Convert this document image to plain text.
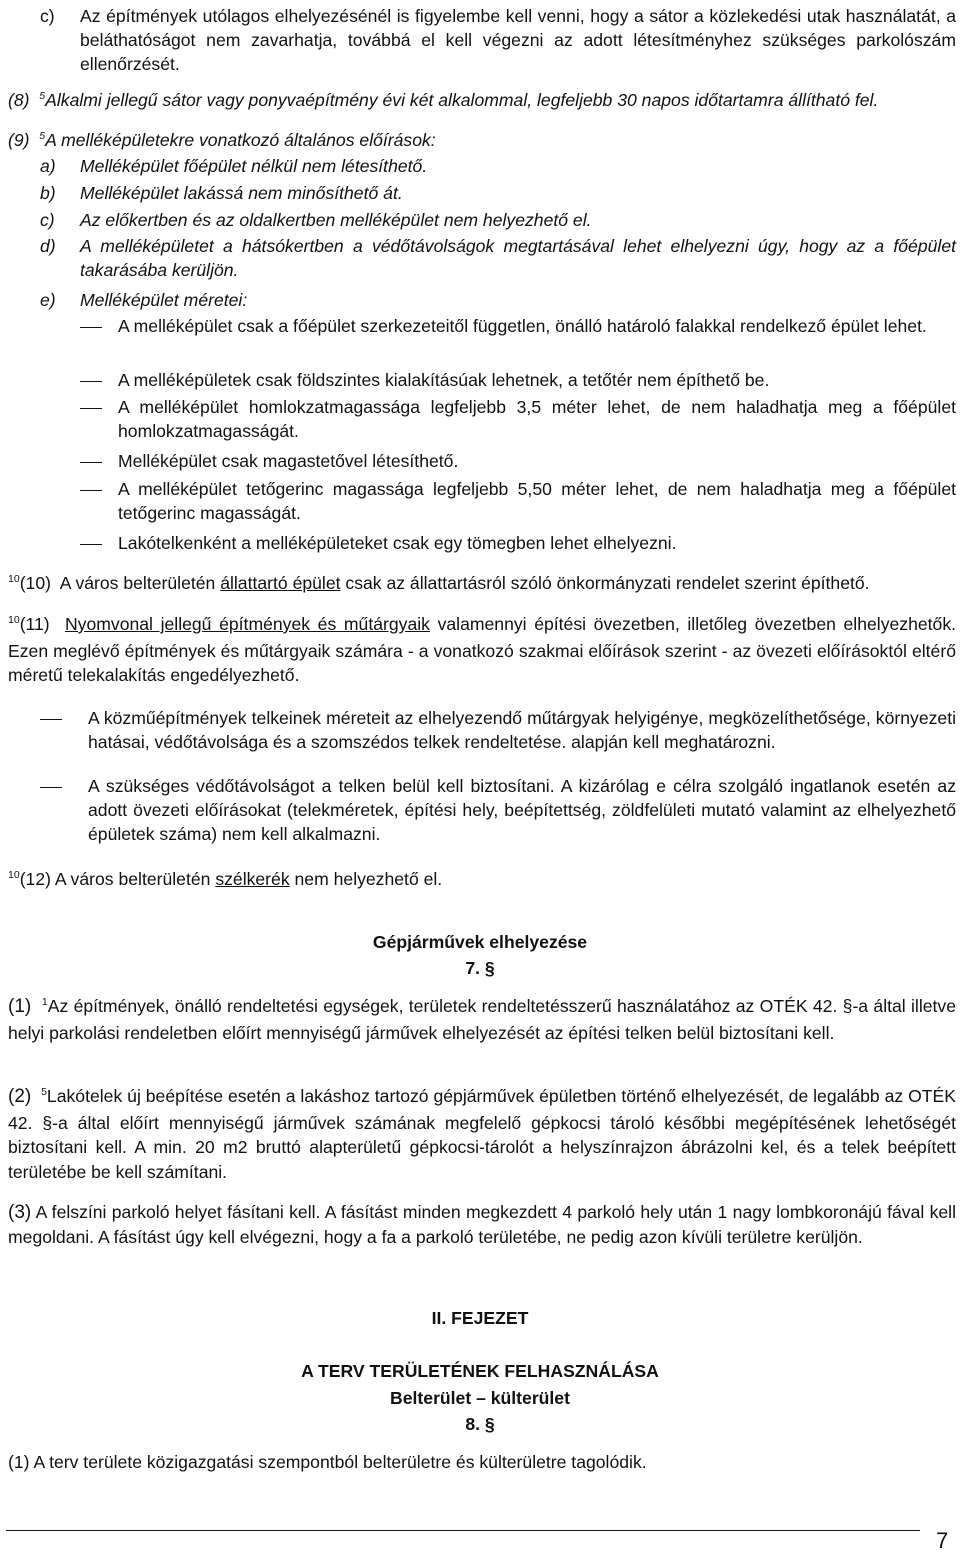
c) Az építmények utólagos elhelyezésénél is figyelembe kell venni, hogy a sátor a közlekedési utak használatát, a beláthatóságot nem zavarhatja, továbbá el kell végezni az adott létesítményhez szükséges parkolószám ellenőrzését.
(8) $^5$Alkalmi jellegű sátor vagy ponyvaépítmény évi két alkalommal, legfeljebb 30 napos időtartamra állítható fel.
(9) $^5$A melléképületekre vonatkozó általános előírások:
a) Melléképület főépület nélkül nem létesíthető.
b) Melléképület lakássá nem minősíthető át.
c) Az előkertben és az oldalkertben melléképület nem helyezhető el.
d) A melléképületet a hátsókertben a védőtávolságok megtartásával lehet elhelyezni úgy, hogy az a főépület takarásába kerüljön.
e) Melléképület méretei:
A melléképület csak a főépület szerkezeteitől független, önálló határoló falakkal rendelkező épület lehet.
A melléképületek csak földszintes kialakításúak lehetnek, a tetőtér nem építhető be.
A melléképület homlokzatmagassága legfeljebb 3,5 méter lehet, de nem haladhatja meg a főépület homlokzatmagasságát.
Melléképület csak magastetővel létesíthető.
A melléképület tetőgerinc magassága legfeljebb 5,50 méter lehet, de nem haladhatja meg a főépület tetőgerinc magasságát.
Lakótelkenként a melléképületeket csak egy tömegben lehet elhelyezni.
$^{10}$(10) A város belterületén állattartó épület csak az állattartásról szóló önkormányzati rendelet szerint építhető.
$^{10}$(11) Nyomvonal jellegű építmények és műtárgyaik valamennyi építési övezetben, illetőleg övezetben elhelyezhetők. Ezen meglévő építmények és műtárgyaik számára - a vonatkozó szakmai előírások szerint - az övezeti előírásoktól eltérő méretű telekalakítás engedélyezhető.
A közműépítmények telkeinek méreteit az elhelyezendő műtárgyak helyigénye, megközelíthetősége, környezeti hatásai, védőtávolsága és a szomszédos telkek rendeltetése. alapján kell meghatározni.
A szükséges védőtávolságot a telken belül kell biztosítani. A kizárólag e célra szolgáló ingatlanok esetén az adott övezeti előírásokat (telekméretek, építési hely, beépítettség, zöldfelületi mutató valamint az elhelyezhető épületek száma) nem kell alkalmazni.
$^{10}$(12) A város belterületén szélkerék nem helyezhető el.
Gépjárművek elhelyezése
7. §
(1) $^1$Az építmények, önálló rendeltetési egységek, területek rendeltetésszerű használatához az OTÉK 42. §-a által illetve helyi parkolási rendeletben előírt mennyiségű járművek elhelyezését az építési telken belül biztosítani kell.
(2) $^5$Lakótelek új beépítése esetén a lakáshoz tartozó gépjárművek épületben történő elhelyezését, de legalább az OTÉK 42. §-a által előírt mennyiségű járművek számának megfelelő gépkocsi tároló későbbi megépítésének lehetőségét biztosítani kell. A min. 20 m2 bruttó alapterületű gépkocsi-tárolót a helyszínrajzon ábrázolni kel, és a telek beépített területébe be kell számítani.
(3) A felszíni parkoló helyet fásítani kell. A fásítást minden megkezdett 4 parkoló hely után 1 nagy lombkoronájú fával kell megoldani. A fásítást úgy kell elvégezni, hogy a fa a parkoló területébe, ne pedig azon kívüli területre kerüljön.
II. FEJEZET
A TERV TERÜLETÉNEK FELHASZNÁLÁSA
Belterület – külterület
8. §
(1) A terv területe közigazgatási szempontból belterületre és külterületre tagolódik.
7
